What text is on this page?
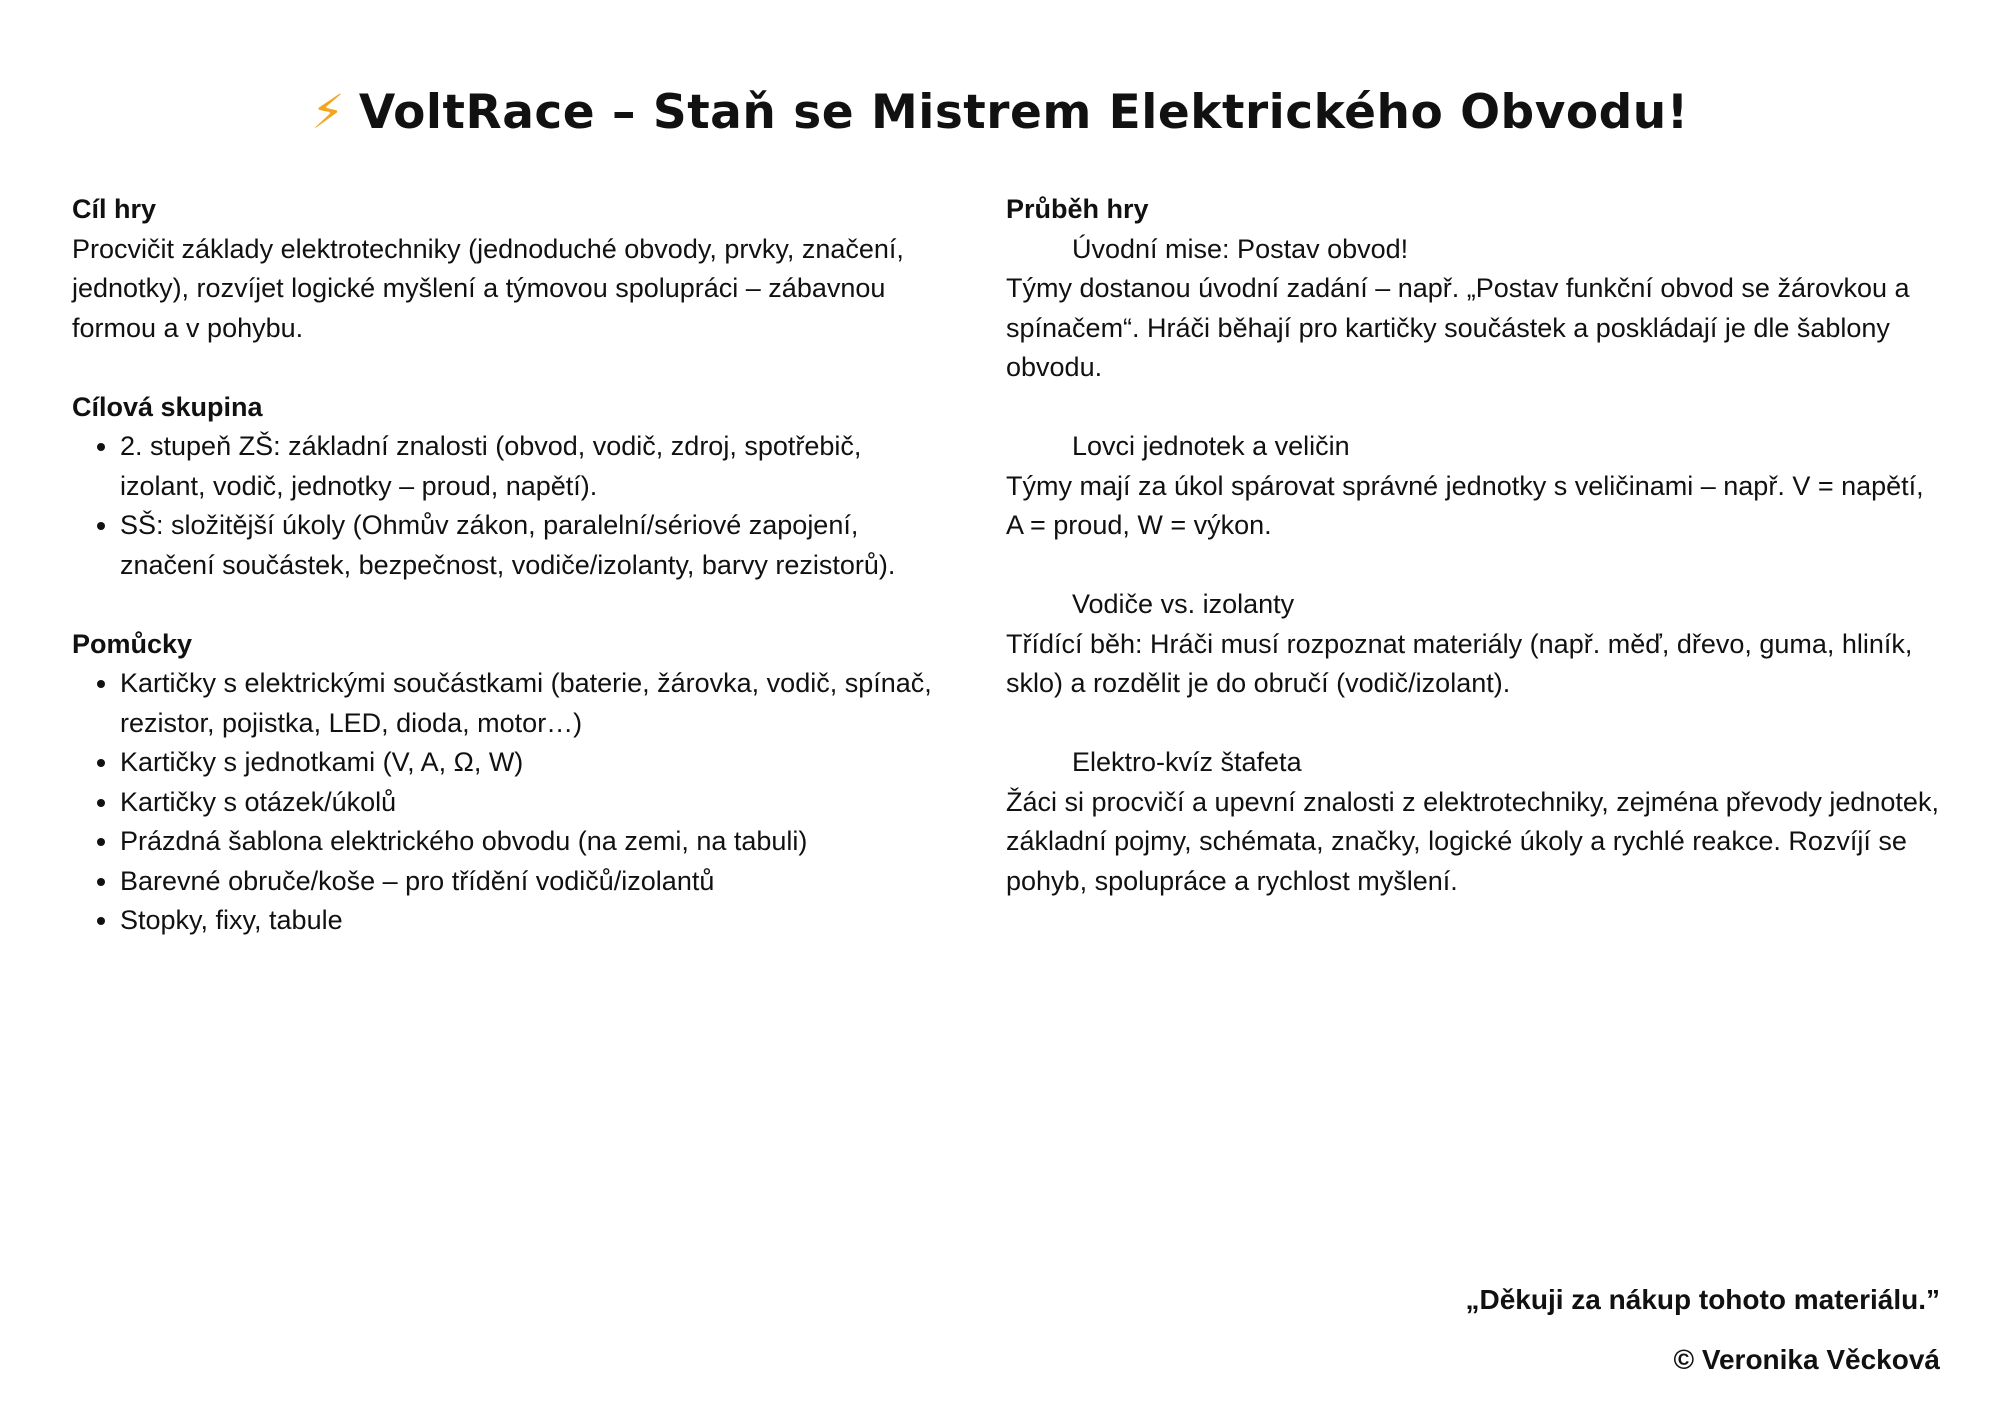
⚡ VoltRace – Staň se Mistrem Elektrického Obvodu!

Cíl hry

Procvičit základy elektrotechniky (jednoduché obvody, prvky, značení, jednotky), rozvíjet logické myšlení a týmovou spolupráci – zábavnou formou a v pohybu.

Cílová skupina

• 2. stupeň ZŠ: základní znalosti (obvod, vodič, zdroj, spotřebič, izolant, vodič, jednotky – proud, napětí).
• SŠ: složitější úkoly (Ohmův zákon, paralelní/sériové zapojení, značení součástek, bezpečnost, vodiče/izolanty, barvy rezistorů).

Pomůcky

• Kartičky s elektrickými součástkami (baterie, žárovka, vodič, spínač, rezistor, pojistka, LED, dioda, motor…)
• Kartičky s jednotkami (V, A, Ω, W)
• Kartičky s otázek/úkolů
• Prázdná šablona elektrického obvodu (na zemi, na tabuli)
• Barevné obruče/koše – pro třídění vodičů/izolantů
• Stopky, fixy, tabule

Průběh hry

Úvodní mise: Postav obvod!

Týmy dostanou úvodní zadání – např. „Postav funkční obvod se žárovkou a spínačem“. Hráči běhají pro kartičky součástek a poskládají je dle šablony obvodu.

Lovci jednotek a veličin

Týmy mají za úkol spárovat správné jednotky s veličinami – např. V = napětí, A = proud, W = výkon.

Vodiče vs. izolanty

Třídící běh: Hráči musí rozpoznat materiály (např. měď, dřevo, guma, hliník, sklo) a rozdělit je do obručí (vodič/izolant).

Elektro-kvíz štafeta

Žáci si procvičí a upevní znalosti z elektrotechniky, zejména převody jednotek, základní pojmy, schémata, značky, logické úkoly a rychlé reakce. Rozvíjí se pohyb, spolupráce a rychlost myšlení.

„Děkuji za nákup tohoto materiálu.”
© Veronika Věcková
